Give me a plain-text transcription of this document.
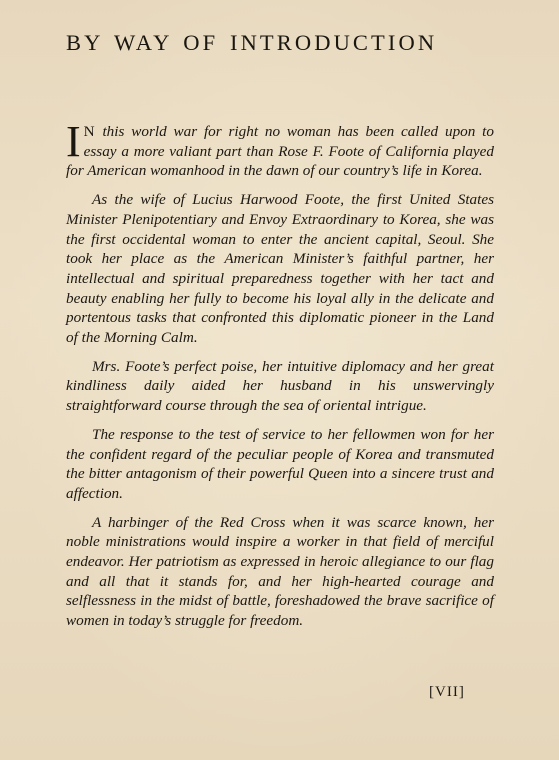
BY WAY OF INTRODUCTION

I N this world war for right no woman has been called upon to essay a more valiant part than Rose F. Foote of California played for American womanhood in the dawn of our country’s life in Korea.

As the wife of Lucius Harwood Foote, the first United States Minister Plenipotentiary and Envoy Extraordinary to Korea, she was the first occidental woman to enter the ancient capital, Seoul. She took her place as the American Minister’s faithful partner, her intellectual and spiritual preparedness together with her tact and beauty enabling her fully to become his loyal ally in the delicate and portentous tasks that confronted this diplomatic pioneer in the Land of the Morning Calm.

Mrs. Foote’s perfect poise, her intuitive diplomacy and her great kindliness daily aided her husband in his unswervingly straightforward course through the sea of oriental intrigue.

The response to the test of service to her fellowmen won for her the confident regard of the peculiar people of Korea and transmuted the bitter antagonism of their powerful Queen into a sincere trust and affection.

A harbinger of the Red Cross when it was scarce known, her noble ministrations would inspire a worker in that field of merciful endeavor. Her patriotism as expressed in heroic allegiance to our flag and all that it stands for, and her high-hearted courage and selflessness in the midst of battle, foreshadowed the brave sacrifice of women in today’s struggle for freedom.

[VII]
